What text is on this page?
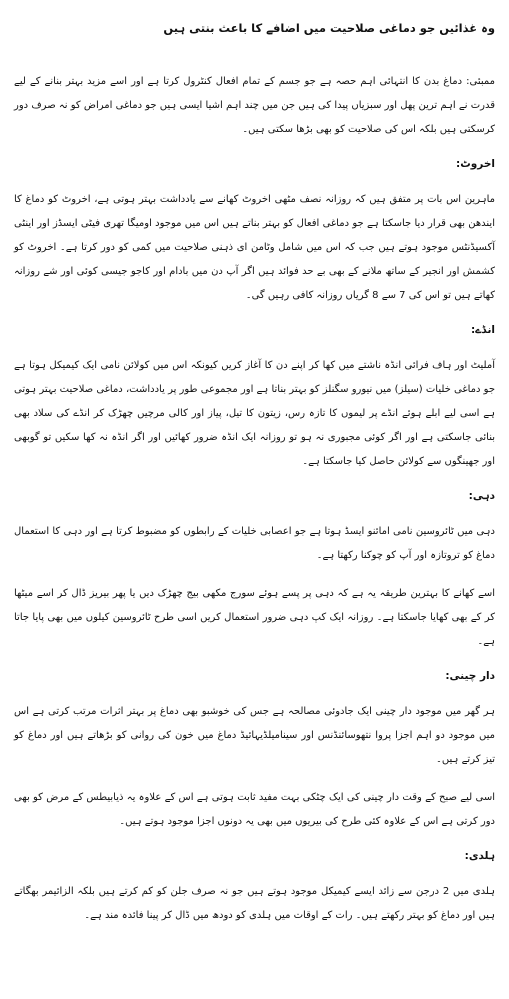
وہ غذائیں جو دماغی صلاحیت میں اضافے کا باعث بنتی ہیں

ممبئی: دماغ بدن کا انتہائی اہم حصہ ہے جو جسم کے تمام افعال کنٹرول کرتا ہے اور اسے مزید بہتر بنانے کے لیے قدرت نے اہم ترین پھل اور سبزیاں پیدا کی ہیں جن میں چند اہم اشیا ایسی ہیں جو دماغی امراض کو نہ صرف دور کرسکتی ہیں بلکہ اس کی صلاحیت کو بھی بڑھا سکتی ہیں۔

اخروٹ:

ماہرین اس بات پر متفق ہیں کہ روزانہ نصف مٹھی اخروٹ کھانے سے یادداشت بہتر ہوتی ہے، اخروٹ کو دماغ کا ایندھن بھی قرار دیا جاسکتا ہے جو دماغی افعال کو بہتر بناتے ہیں اس میں موجود اومیگا تھری فیٹی ایسڈز اور اینٹی آکسیڈنٹس موجود ہوتے ہیں جب کہ اس میں شامل وٹامن ای ذہنی صلاحیت میں کمی کو دور کرتا ہے۔ اخروٹ کو کشمش اور انجیر کے ساتھ ملانے کے بھی بے حد فوائد ہیں اگر آپ دن میں بادام اور کاجو جیسی کوئی اور شے روزانہ کھاتے ہیں تو اس کی 7 سے 8 گریاں روزانہ کافی رہیں گی۔

انڈے:

آملیٹ اور ہاف فرائی انڈہ ناشتے میں کھا کر اپنے دن کا آغاز کریں کیونکہ اس میں کولائن نامی ایک کیمیکل ہوتا ہے جو دماغی خلیات (سیلز) میں نیورو سگنلز کو بہتر بناتا ہے اور مجموعی طور پر یادداشت، دماغی صلاحیت بہتر ہوتی ہے اسی لیے ابلے ہوئے انڈے پر لیموں کا تازہ رس، زیتون کا تیل، پیاز اور کالی مرچیں چھڑک کر انڈے کی سلاد بھی بنائی جاسکتی ہے اور اگر کوئی مجبوری نہ ہو تو روزانہ ایک انڈہ ضرور کھائیں اور اگر انڈہ نہ کھا سکیں تو گوبھی اور جھینگوں سے کولائن حاصل کیا جاسکتا ہے۔

دہی:

دہی میں ٹائروسین نامی امائنو ایسڈ ہوتا ہے جو اعصابی خلیات کے رابطوں کو مضبوط کرتا ہے اور دہی کا استعمال دماغ کو تروتازہ اور آپ کو چوکنا رکھتا ہے۔

اسے کھانے کا بہترین طریقہ یہ ہے کہ دہی پر پسے ہوئے سورج مکھی بیج چھڑک دیں یا پھر بیریز ڈال کر اسے میٹھا کر کے بھی کھایا جاسکتا ہے۔ روزانہ ایک کپ دہی ضرور استعمال کریں اسی طرح ٹائروسین کیلوں میں بھی پایا جاتا ہے۔

دار چینی:

ہر گھر میں موجود دار چینی ایک جادوئی مصالحہ ہے جس کی خوشبو بھی دماغ پر بہتر اثرات مرتب کرتی ہے اس میں موجود دو اہم اجزا پروا نتھوسائنڈنس اور سینامیلڈیہائیڈ دماغ میں خون کی روانی کو بڑھاتے ہیں اور دماغ کو تیز کرتے ہیں۔

اسی لیے صبح کے وقت دار چینی کی ایک چٹکی بہت مفید ثابت ہوتی ہے اس کے علاوہ یہ ذیابیطس کے مرض کو بھی دور کرتی ہے اس کے علاوہ کئی طرح کی بیریوں میں بھی یہ دونوں اجزا موجود ہوتے ہیں۔

ہلدی:

ہلدی میں 2 درجن سے زائد ایسے کیمیکل موجود ہوتے ہیں جو نہ صرف جلن کو کم کرتے ہیں بلکہ الزائیمر بھگاتے ہیں اور دماغ کو بہتر رکھتے ہیں۔ رات کے اوقات میں ہلدی کو دودھ میں ڈال کر پینا فائدہ مند ہے۔
